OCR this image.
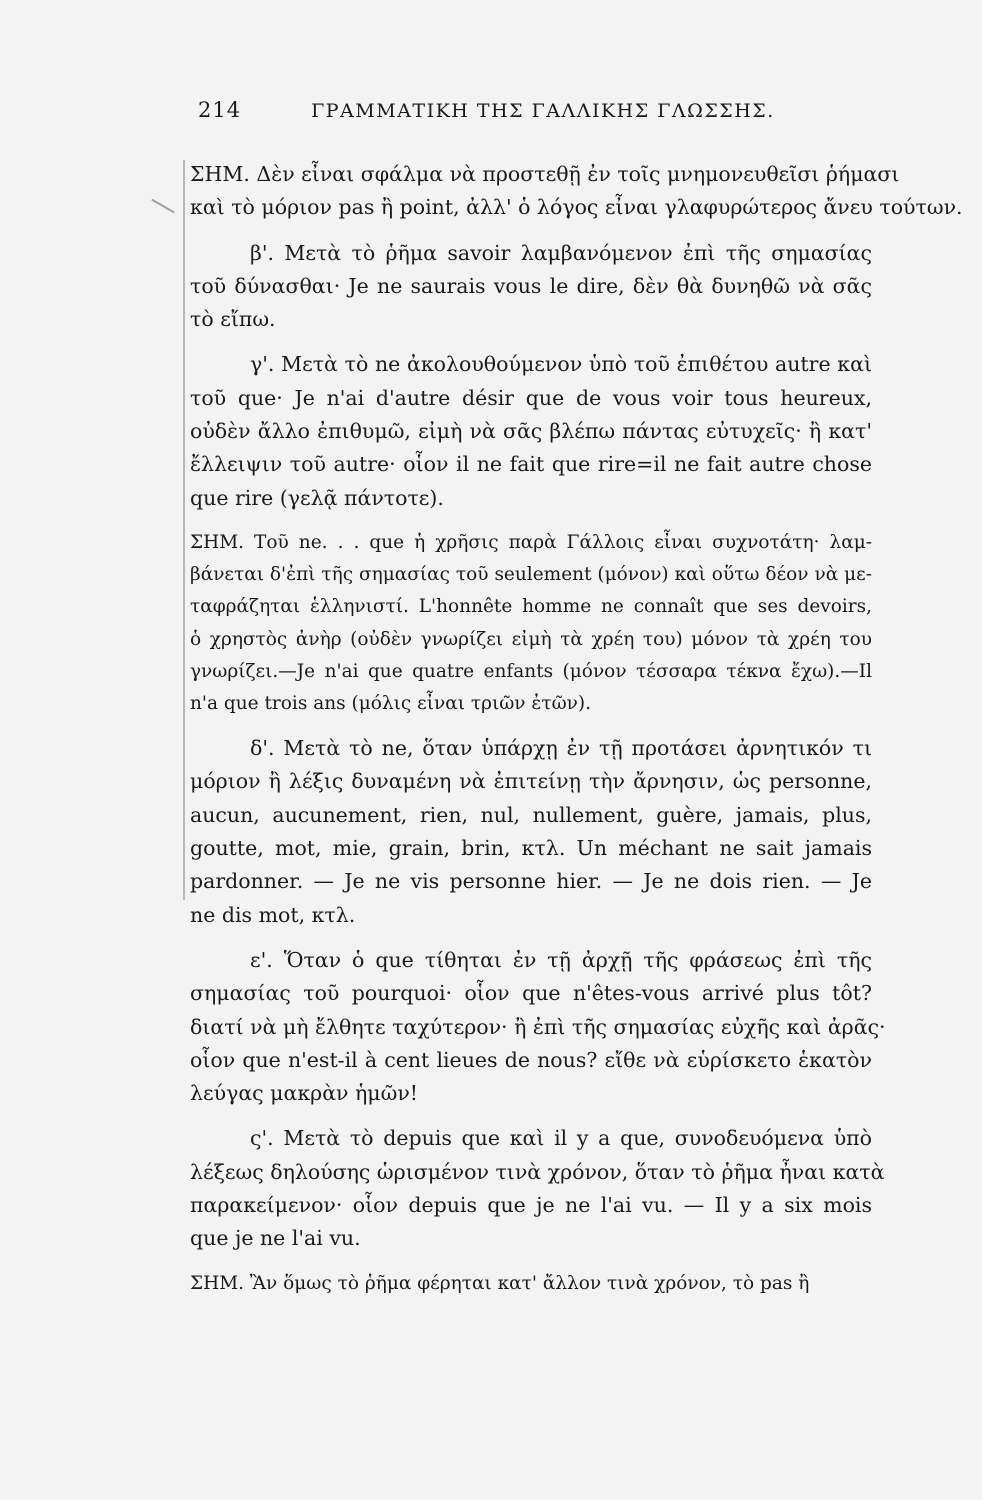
214	ΓΡΑΜΜΑΤΙΚΗ ΤΗΣ ΓΑΛΛΙΚΗΣ ΓΛΩΣΣΗΣ.
ΣΗΜ. Δὲν εἶναι σφάλμα νὰ προστεθῇ ἐν τοῖς μνημονευθεῖσι ῥήμασι
καὶ τὸ μόριον pas ἢ point, ἀλλ' ὁ λόγος εἶναι γλαφυρώτερος ἄνευ τούτων.
β'. Μετὰ τὸ ῥῆμα savoir λαμβανόμενον ἐπὶ τῆς σημασίας
τοῦ δύνασθαι· Je ne saurais vous le dire, δὲν θὰ δυνηθῶ νὰ σᾶς
τὸ εἴπω.
γ'. Μετὰ τὸ ne ἀκολουθούμενον ὑπὸ τοῦ ἐπιθέτου autre καὶ
τοῦ que· Je n'ai d'autre désir que de vous voir tous heureux,
οὐδὲν ἄλλο ἐπιθυμῶ, εἰμὴ νὰ σᾶς βλέπω πάντας εὐτυχεῖς· ἢ κατ'
ἔλλειψιν τοῦ autre· οἷον il ne fait que rire=il ne fait autre chose
que rire (γελᾷ πάντοτε).
ΣΗΜ. Τοῦ ne. . . que ἡ χρῆσις παρὰ Γάλλοις εἶναι συχνοτάτη· λαμ-
βάνεται δ'ἐπὶ τῆς σημασίας τοῦ seulement (μόνον) καὶ οὕτω δέον νὰ με-
ταφράζηται ἑλληνιστί. L'honnête homme ne connaît que ses devoirs,
ὁ χρηστὸς ἀνὴρ (οὐδὲν γνωρίζει εἰμὴ τὰ χρέη του) μόνον τὰ χρέη του
γνωρίζει.—Je n'ai que quatre enfants (μόνον τέσσαρα τέκνα ἔχω).—Il
n'a que trois ans (μόλις εἶναι τριῶν ἐτῶν).
δ'. Μετὰ τὸ ne, ὅταν ὑπάρχῃ ἐν τῇ προτάσει ἀρνητικόν τι
μόριον ἢ λέξις δυναμένη νὰ ἐπιτείνῃ τὴν ἄρνησιν, ὡς personne,
aucun, aucunement, rien, nul, nullement, guère, jamais, plus,
goutte, mot, mie, grain, brin, κτλ. Un méchant ne sait jamais
pardonner. — Je ne vis personne hier. — Je ne dois rien. — Je
ne dis mot, κτλ.
ε'. Ὅταν ὁ que τίθηται ἐν τῇ ἀρχῇ τῆς φράσεως ἐπὶ τῆς
σημασίας τοῦ pourquoi· οἷον que n'êtes-vous arrivé plus tôt?
διατί νὰ μὴ ἔλθητε ταχύτερον· ἢ ἐπὶ τῆς σημασίας εὐχῆς καὶ ἀρᾶς·
οἷον que n'est-il à cent lieues de nous? εἴθε νὰ εὑρίσκετο ἑκατὸν
λεύγας μακρὰν ἡμῶν!
ς'. Μετὰ τὸ depuis que καὶ il y a que, συνοδευόμενα ὑπὸ
λέξεως δηλούσης ὡρισμένον τινὰ χρόνον, ὅταν τὸ ῥῆμα ἦναι κατὰ
παρακείμενον· οἷον depuis que je ne l'ai vu. — Il y a six mois
que je ne l'ai vu.
ΣΗΜ. Ἂν ὅμως τὸ ῥῆμα φέρηται κατ' ἄλλον τινὰ χρόνον, τὸ pas ἢ
